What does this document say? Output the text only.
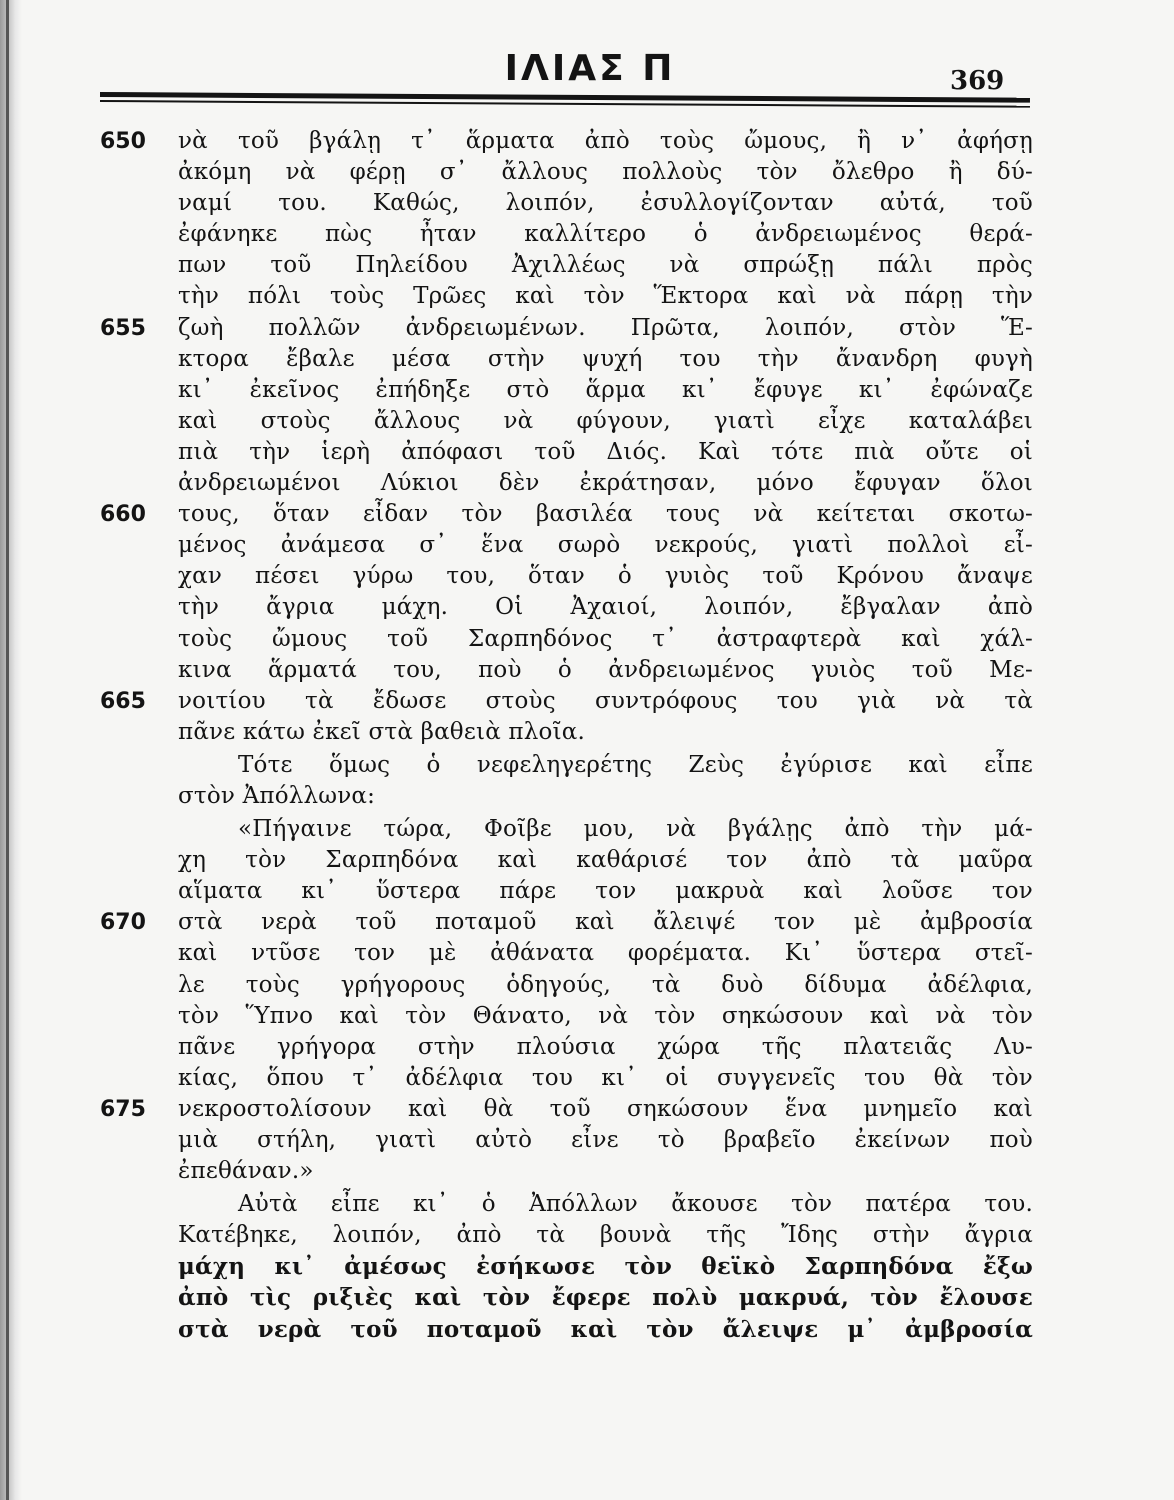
ΙΛΙΑΣ Π	369
650	νὰ τοῦ βγάλῃ τ᾽ ἅρματα ἀπὸ τοὺς ὤμους, ἢ ν᾽ ἀφήσῃ
ἀκόμη νὰ φέρῃ σ᾽ ἄλλους πολλοὺς τὸν ὄλεθρο ἢ δύ-
ναμί του. Καθώς, λοιπόν, ἐσυλλογίζονταν αὐτά, τοῦ
ἐφάνηκε πὼς ἦταν καλλίτερο ὁ ἀνδρειωμένος θερά-
πων τοῦ Πηλείδου Ἀχιλλέως νὰ σπρώξῃ πάλι πρὸς
τὴν πόλι τοὺς Τρῶες καὶ τὸν Ἕκτορα καὶ νὰ πάρῃ τὴν
655	ζωὴ πολλῶν ἀνδρειωμένων. Πρῶτα, λοιπόν, στὸν Ἕ-
κτορα ἔβαλε μέσα στὴν ψυχή του τὴν ἄνανδρη φυγὴ
κι᾽ ἐκεῖνος ἐπήδηξε στὸ ἅρμα κι᾽ ἔφυγε κι᾽ ἐφώναζε
καὶ στοὺς ἄλλους νὰ φύγουν, γιατὶ εἶχε καταλάβει
πιὰ τὴν ἱερὴ ἀπόφασι τοῦ Διός. Καὶ τότε πιὰ οὔτε οἱ
ἀνδρειωμένοι Λύκιοι δὲν ἐκράτησαν, μόνο ἔφυγαν ὅλοι
660	τους, ὅταν εἶδαν τὸν βασιλέα τους νὰ κείτεται σκοτω-
μένος ἀνάμεσα σ᾽ ἕνα σωρὸ νεκρούς, γιατὶ πολλοὶ εἶ-
χαν πέσει γύρω του, ὅταν ὁ γυιὸς τοῦ Κρόνου ἄναψε
τὴν ἄγρια μάχη. Οἱ Ἀχαιοί, λοιπόν, ἔβγαλαν ἀπὸ
τοὺς ὤμους τοῦ Σαρπηδόνος τ᾽ ἀστραφτερὰ καὶ χάλ-
κινα ἅρματά του, ποὺ ὁ ἀνδρειωμένος γυιὸς τοῦ Με-
665	νοιτίου τὰ ἔδωσε στοὺς συντρόφους του γιὰ νὰ τὰ
πᾶνε κάτω ἐκεῖ στὰ βαθειὰ πλοῖα.
Τότε ὅμως ὁ νεφεληγερέτης Ζεὺς ἐγύρισε καὶ εἶπε
στὸν Ἀπόλλωνα:
«Πήγαινε τώρα, Φοῖβε μου, νὰ βγάλῃς ἀπὸ τὴν μά-
χη τὸν Σαρπηδόνα καὶ καθάρισέ τον ἀπὸ τὰ μαῦρα
αἵματα κι᾽ ὕστερα πάρε τον μακρυὰ καὶ λοῦσε τον
670	στὰ νερὰ τοῦ ποταμοῦ καὶ ἄλειψέ τον μὲ ἀμβροσία
καὶ ντῦσε τον μὲ ἀθάνατα φορέματα. Κι᾽ ὕστερα στεῖ-
λε τοὺς γρήγορους ὁδηγούς, τὰ δυὸ δίδυμα ἀδέλφια,
τὸν Ὕπνο καὶ τὸν Θάνατο, νὰ τὸν σηκώσουν καὶ νὰ τὸν
πᾶνε γρήγορα στὴν πλούσια χώρα τῆς πλατειᾶς Λυ-
κίας, ὅπου τ᾽ ἀδέλφια του κι᾽ οἱ συγγενεῖς του θὰ τὸν
675	νεκροστολίσουν καὶ θὰ τοῦ σηκώσουν ἕνα μνημεῖο καὶ
μιὰ στήλη, γιατὶ αὐτὸ εἶνε τὸ βραβεῖο ἐκείνων ποὺ
ἐπεθάναν.»
Αὐτὰ εἶπε κι᾽ ὁ Ἀπόλλων ἄκουσε τὸν πατέρα του.
Κατέβηκε, λοιπόν, ἀπὸ τὰ βουνὰ τῆς Ἴδης στὴν ἄγρια
μάχη κι᾽ ἀμέσως ἐσήκωσε τὸν θεϊκὸ Σαρπηδόνα ἔξω
ἀπὸ τὶς ριξιὲς καὶ τὸν ἔφερε πολὺ μακρυά, τὸν ἔλουσε
στὰ νερὰ τοῦ ποταμοῦ καὶ τὸν ἄλειψε μ᾽ ἀμβροσία
